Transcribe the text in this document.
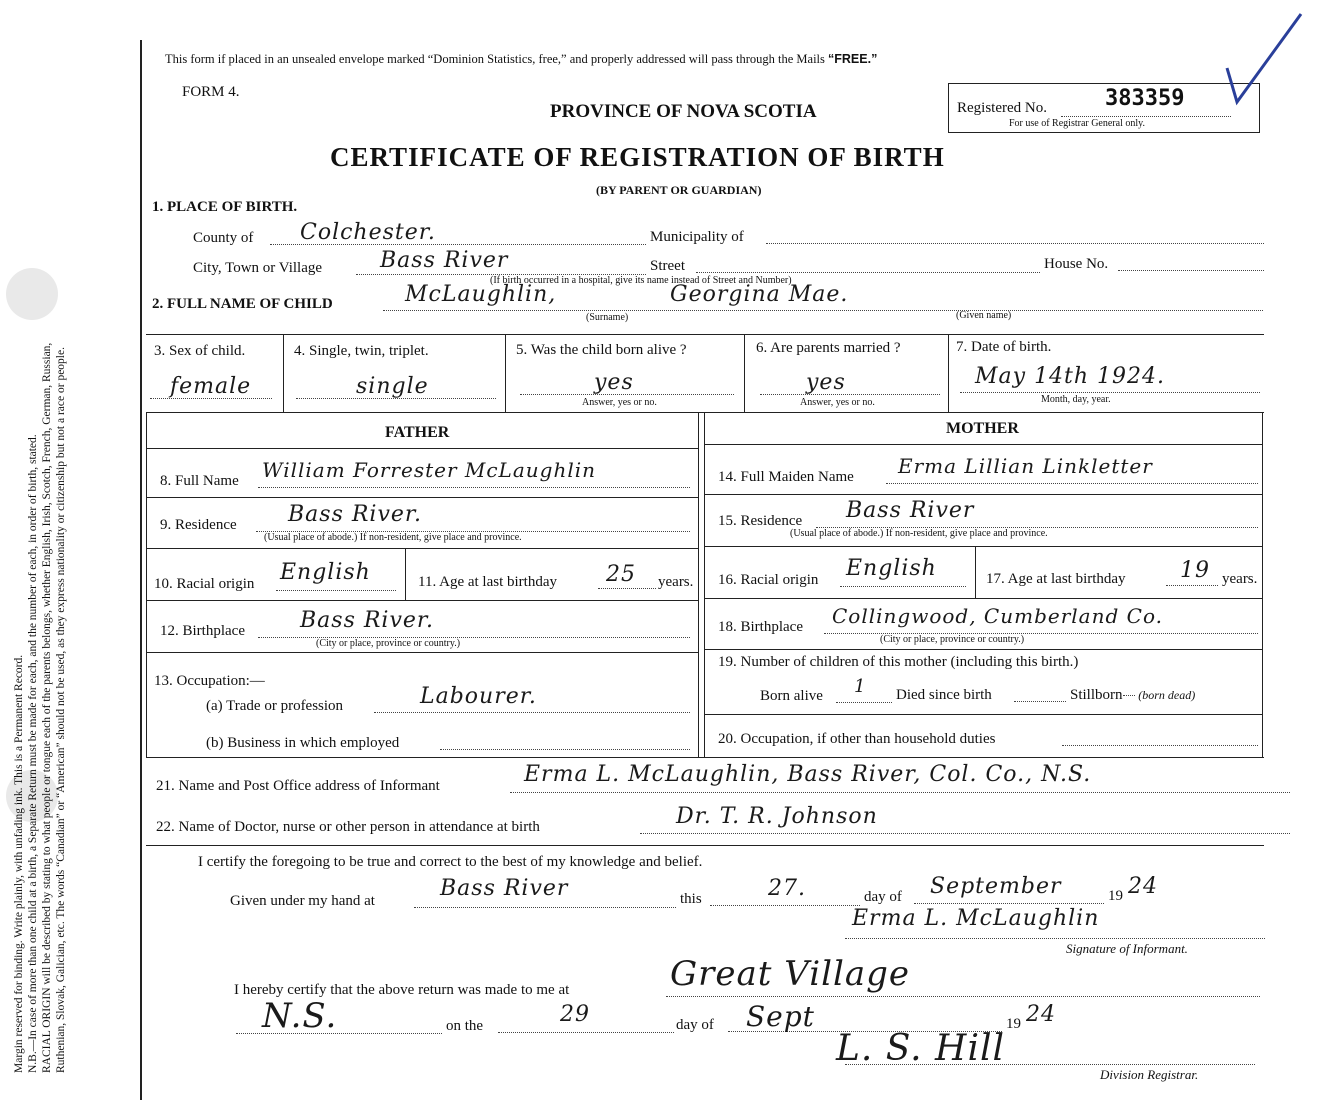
Margin reserved for binding. Write plainly, with unfading ink. This is a Permanent Record. N.B.—In case of more than one child at a birth, a Separate Return must be made for each, and the number of each, in order of birth, stated. RACIAL ORIGIN will be described by stating to what people or tongue each of the parents belongs, whether English, Irish, Scotch, French, German, Russian, Ruthenian, Slovak, Galician, etc. The words “Canadian” or “American” should not be used, as they express nationality or citizenship but not a race or people.
This form if placed in an unsealed envelope marked “Dominion Statistics, free,” and properly addressed will pass through the Mails “FREE.”
FORM 4.
PROVINCE OF NOVA SCOTIA
CERTIFICATE OF REGISTRATION OF BIRTH
(BY PARENT OR GUARDIAN)
Registered No.	383359
For use of Registrar General only.
1. PLACE OF BIRTH.
County of Colchester.	Municipality of
City, Town or Village	Bass River	Street	House No.
(If birth occurred in a hospital, give its name instead of Street and Number)
2. FULL NAME OF CHILD	McLaughlin,	Georgina Mae.
(Surname)	(Given name)
3. Sex of child.
female
4. Single, twin, triplet.
single
5. Was the child born alive ?
yes
Answer, yes or no.
6. Are parents married ?
yes
Answer, yes or no.
7. Date of birth.
May 14th 1924.
Month, day, year.
FATHER	MOTHER
8. Full Name William Forrester McLaughlin
9. Residence Bass River.
(Usual place of abode.) If non-resident, give place and province.
10. Racial origin English	11. Age at last birthday 25 years.
12. Birthplace	Bass River.
(City or place, province or country.)
13. Occupation:—
(a) Trade or profession	Labourer.
(b) Business in which employed
14. Full Maiden Name Erma Lillian Linkletter
15. Residence Bass River
(Usual place of abode.) If non-resident, give place and province.
16. Racial origin English	17. Age at last birthday 19 years.
18. Birthplace Collingwood, Cumberland Co.
(City or place, province or country.)
19. Number of children of this mother (including this birth.)
Born alive 1 Died since birth	Stillborn (born dead)
20. Occupation, if other than household duties
21. Name and Post Office address of Informant	Erma L. McLaughlin, Bass River, Col. Co., N.S.
22. Name of Doctor, nurse or other person in attendance at birth	Dr. T. R. Johnson
I certify the foregoing to be true and correct to the best of my knowledge and belief.
Given under my hand at	Bass River	this	27.	day of September	19 24
Erma L. McLaughlin
Signature of Informant.
I hereby certify that the above return was made to me at	Great Village
N.S.	on the	29	day of Sept	19 24
L. S. Hill
Division Registrar.
